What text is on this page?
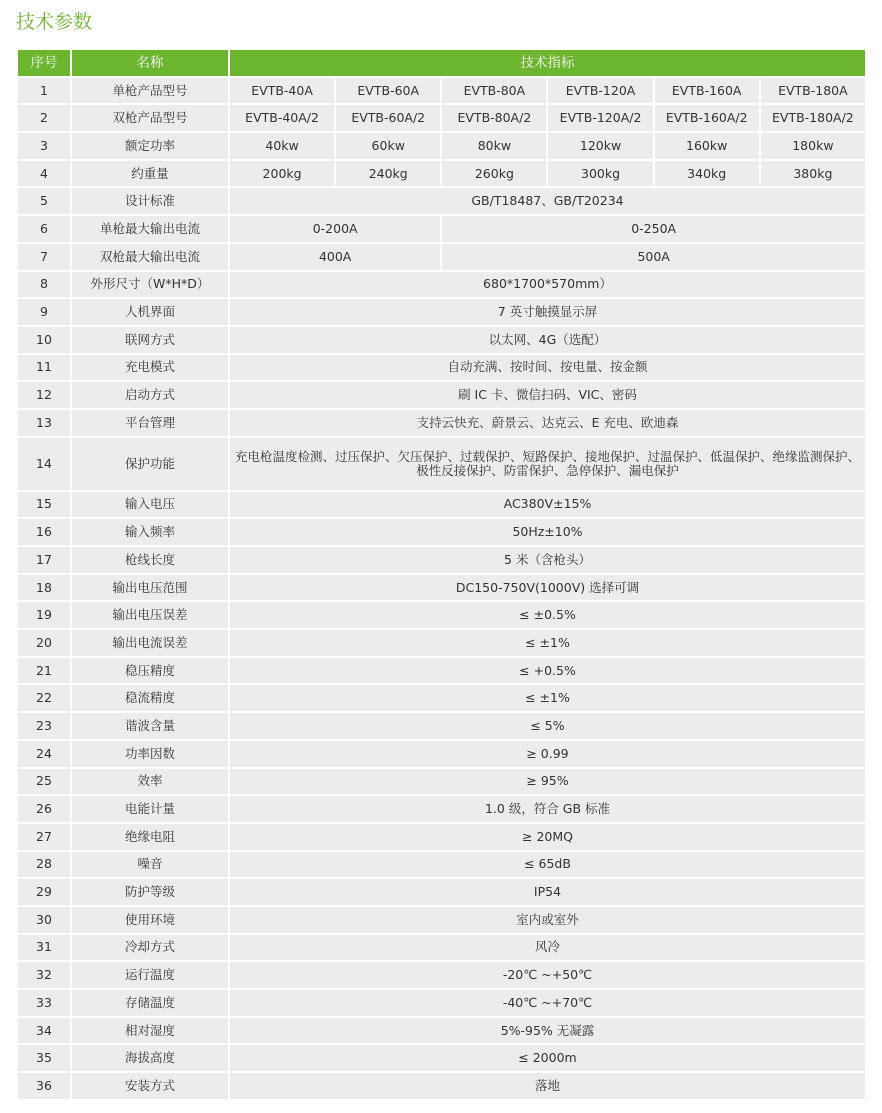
技术参数
序号	名称	技术指标					
1	单枪产品型号	EVTB-40A	EVTB-60A	EVTB-80A	EVTB-120A	EVTB-160A	EVTB-180A
2	双枪产品型号	EVTB-40A/2	EVTB-60A/2	EVTB-80A/2	EVTB-120A/2	EVTB-160A/2	EVTB-180A/2
3	额定功率	40kw	60kw	80kw	120kw	160kw	180kw
4	约重量	200kg	240kg	260kg	300kg	340kg	380kg
5	设计标准	GB/T18487、GB/T20234					
6	单枪最大输出电流	0-200A		0-250A			
7	双枪最大输出电流	400A		500A			
8	外形尺寸（W*H*D）	680*1700*570mm）					
9	人机界面	7 英寸触摸显示屏					
10	联网方式	以太网、4G（选配）					
11	充电模式	自动充满、按时间、按电量、按金额					
12	启动方式	刷 IC 卡、微信扫码、VIC、密码					
13	平台管理	支持云快充、蔚景云、达克云、E 充电、欧迪森					
14	保护功能	充电枪温度检测、过压保护、欠压保护、过载保护、短路保护、接地保护、过温保护、低温保护、绝缘监测保护、极性反接保护、防雷保护、急停保护、漏电保护					
15	输入电压	AC380V±15%					
16	输入频率	50Hz±10%					
17	枪线长度	5 米（含枪头）					
18	输出电压范围	DC150-750V(1000V) 选择可调					
19	输出电压误差	≤ ±0.5%					
20	输出电流误差	≤ ±1%					
21	稳压精度	≤ +0.5%					
22	稳流精度	≤ ±1%					
23	谐波含量	≤ 5%					
24	功率因数	≥ 0.99					
25	效率	≥ 95%					
26	电能计量	1.0 级，符合 GB 标准					
27	绝缘电阻	≥ 20MQ					
28	噪音	≤ 65dB					
29	防护等级	IP54					
30	使用环境	室内或室外					
31	冷却方式	风冷					
32	运行温度	-20℃ ~+50℃					
33	存储温度	-40℃ ~+70℃					
34	相对湿度	5%-95% 无凝露					
35	海拔高度	≤ 2000m					
36	安装方式	落地					
